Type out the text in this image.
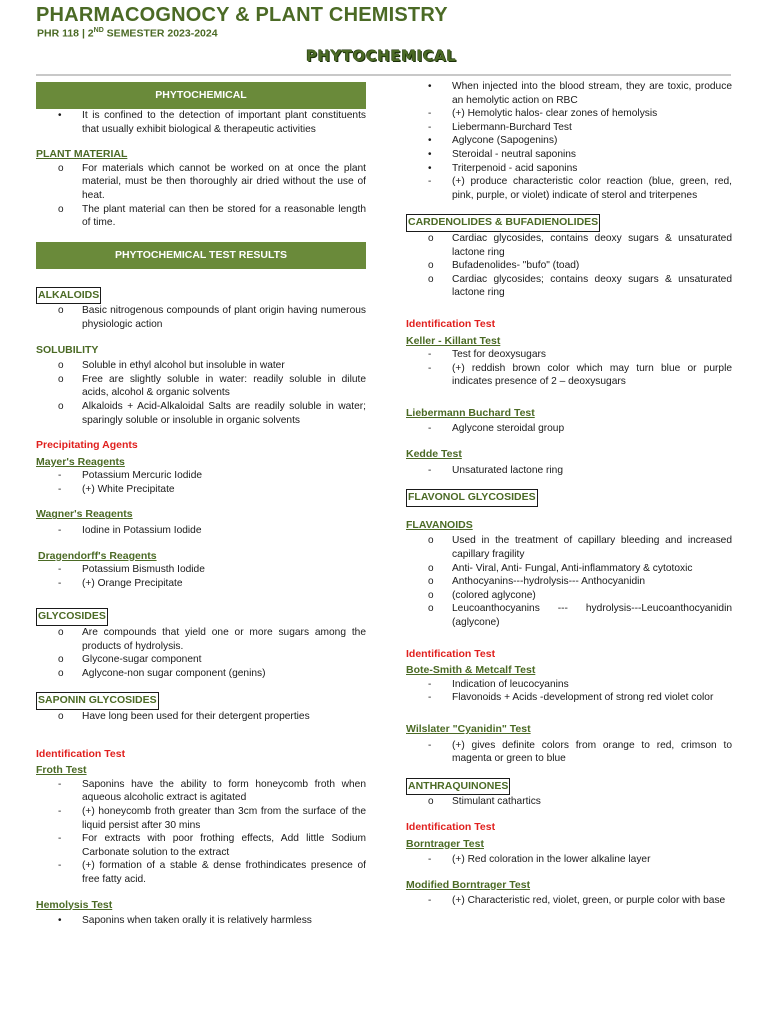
PHARMACOGNOCY & PLANT CHEMISTRY
PHR 118 | 2ND SEMESTER 2023-2024
PHYTOCHEMICAL
PHYTOCHEMICAL
• It is confined to the detection of important plant constituents that usually exhibit biological & therapeutic activities
PLANT MATERIAL
o For materials which cannot be worked on at once the plant material, must be then thoroughly air dried without the use of heat.
o The plant material can then be stored for a reasonable length of time.
PHYTOCHEMICAL TEST RESULTS
ALKALOIDS
o Basic nitrogenous compounds of plant origin having numerous physiologic action
SOLUBILITY
o Soluble in ethyl alcohol but insoluble in water
o Free are slightly soluble in water: readily soluble in dilute acids, alcohol & organic solvents
o Alkaloids + Acid-Alkaloidal Salts are readily soluble in water; sparingly soluble or insoluble in organic solvents
Precipitating Agents
Mayer's Reagents
- Potassium Mercuric Iodide
- (+) White Precipitate
Wagner's Reagents
- Iodine in Potassium Iodide
Dragendorff's Reagents
- Potassium Bismusth Iodide
- (+) Orange Precipitate
GLYCOSIDES
o Are compounds that yield one or more sugars among the products of hydrolysis.
o Glycone-sugar component
o Aglycone-non sugar component (genins)
SAPONIN GLYCOSIDES
o Have long been used for their detergent properties
Identification Test
Froth Test
- Saponins have the ability to form honeycomb froth when aqueous alcoholic extract is agitated
- (+) honeycomb froth greater than 3cm from the surface of the liquid persist after 30 mins
- For extracts with poor frothing effects, Add little Sodium Carbonate solution to the extract
- (+) formation of a stable & dense frothindicates presence of free fatty acid.
Hemolysis Test
• Saponins when taken orally it is relatively harmless
• When injected into the blood stream, they are toxic, produce an hemolytic action on RBC
- (+) Hemolytic halos- clear zones of hemolysis
- Liebermann-Burchard Test
• Aglycone (Sapogenins)
• Steroidal - neutral saponins
• Triterpenoid - acid saponins
- (+) produce characteristic color reaction (blue, green, red, pink, purple, or violet) indicate of sterol and triterpenes
CARDENOLIDES & BUFADIENOLIDES
o Cardiac glycosides, contains deoxy sugars & unsaturated lactone ring
o Bufadenolides- "bufo" (toad)
o Cardiac glycosides; contains deoxy sugars & unsaturated lactone ring
Identification Test
Keller - Killant Test
- Test for deoxysugars
- (+) reddish brown color which may turn blue or purple indicates presence of 2 – deoxysugars
Liebermann Buchard Test
- Aglycone steroidal group
Kedde Test
- Unsaturated lactone ring
FLAVONOL GLYCOSIDES
FLAVANOIDS
o Used in the treatment of capillary bleeding and increased capillary fragility
o Anti- Viral, Anti- Fungal, Anti-inflammatory & cytotoxic
o Anthocyanins---hydrolysis--- Anthocyanidin
o (colored aglycone)
o Leucoanthocyanins --- hydrolysis---Leucoanthocyanidin (aglycone)
Identification Test
Bote-Smith & Metcalf Test
- Indication of leucocyanins
- Flavonoids + Acids -development of strong red violet color
Wilslater "Cyanidin" Test
- (+) gives definite colors from orange to red, crimson to magenta or green to blue
ANTHRAQUINONES
o Stimulant cathartics
Identification Test
Borntrager Test
- (+) Red coloration in the lower alkaline layer
Modified Borntrager Test
- (+) Characteristic red, violet, green, or purple color with base
